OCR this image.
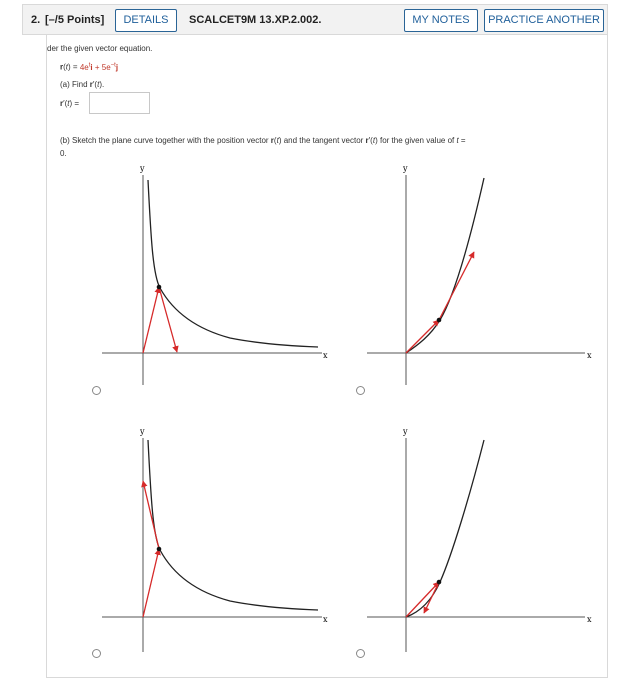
2. [–/5 Points]	DETAILS	SCALCET9M 13.XP.2.002.	MY NOTES	PRACTICE ANOTHER
der the given vector equation.
$r(t) = 4e^ti + 5e^{-t}j$
(a) Find r′(t).
r′(t) =
(b) Sketch the plane curve together with the position vector r(t) and the tangent vector r′(t) for the given value of t =
0.
y
x
y
x
y
x
y
x
